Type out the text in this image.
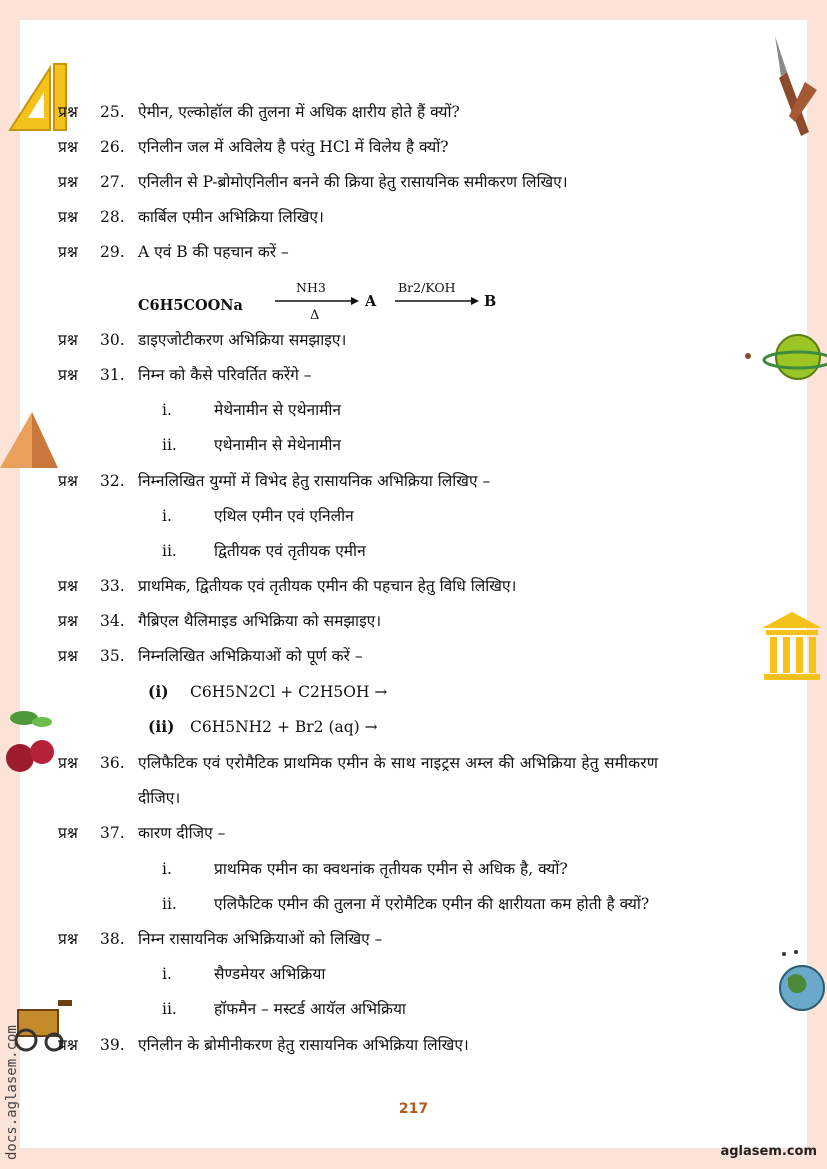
प्रश्न 25. ऐमीन, एल्कोहॉल की तुलना में अधिक क्षारीय होते हैं क्यों?
प्रश्न 26. एनिलीन जल में अविलेय है परंतु HCl में विलेय है क्यों?
प्रश्न 27. एनिलीन से P-ब्रोमोएनिलीन बनने की क्रिया हेतु रासायनिक समीकरण लिखिए।
प्रश्न 28. कार्बिल एमीन अभिक्रिया लिखिए।
प्रश्न 29. A एवं B की पहचान करें –
C6H5COONa
NH3
Δ
A
Br2/KOH
B
प्रश्न 30. डाइएजोटीकरण अभिक्रिया समझाइए।
प्रश्न 31. निम्न को कैसे परिवर्तित करेंगे –
i.	मेथेनामीन से एथेनामीन
ii. एथेनामीन से मेथेनामीन
प्रश्न 32. निम्नलिखित युग्मों में विभेद हेतु रासायनिक अभिक्रिया लिखिए –
i.	एथिल एमीन एवं एनिलीन
ii. द्वितीयक एवं तृतीयक एमीन
प्रश्न 33. प्राथमिक, द्वितीयक एवं तृतीयक एमीन की पहचान हेतु विधि लिखिए।
प्रश्न 34. गैब्रिएल थैलिमाइड अभिक्रिया को समझाइए।
प्रश्न 35. निम्नलिखित अभिक्रियाओं को पूर्ण करें –
(i) C6H5N2Cl + C2H5OH →
(ii) C6H5NH2 + Br2 (aq) →
प्रश्न 36. एलिफैटिक एवं एरोमैटिक प्राथमिक एमीन के साथ नाइट्रस अम्ल की अभिक्रिया हेतु समीकरण
दीजिए।
प्रश्न 37. कारण दीजिए –
i.	प्राथमिक एमीन का क्वथनांक तृतीयक एमीन से अधिक है, क्यों?
ii. एलिफैटिक एमीन की तुलना में एरोमैटिक एमीन की क्षारीयता कम होती है क्यों?
प्रश्न 38. निम्न रासायनिक अभिक्रियाओं को लिखिए –
i.	सैण्डमेयर अभिक्रिया
ii. हॉफमैन – मस्टर्ड आयॅल अभिक्रिया
प्रश्न 39. एनिलीन के ब्रोमीनीकरण हेतु रासायनिक अभिक्रिया लिखिए।
217
aglasem.com
docs.aglasem.com
